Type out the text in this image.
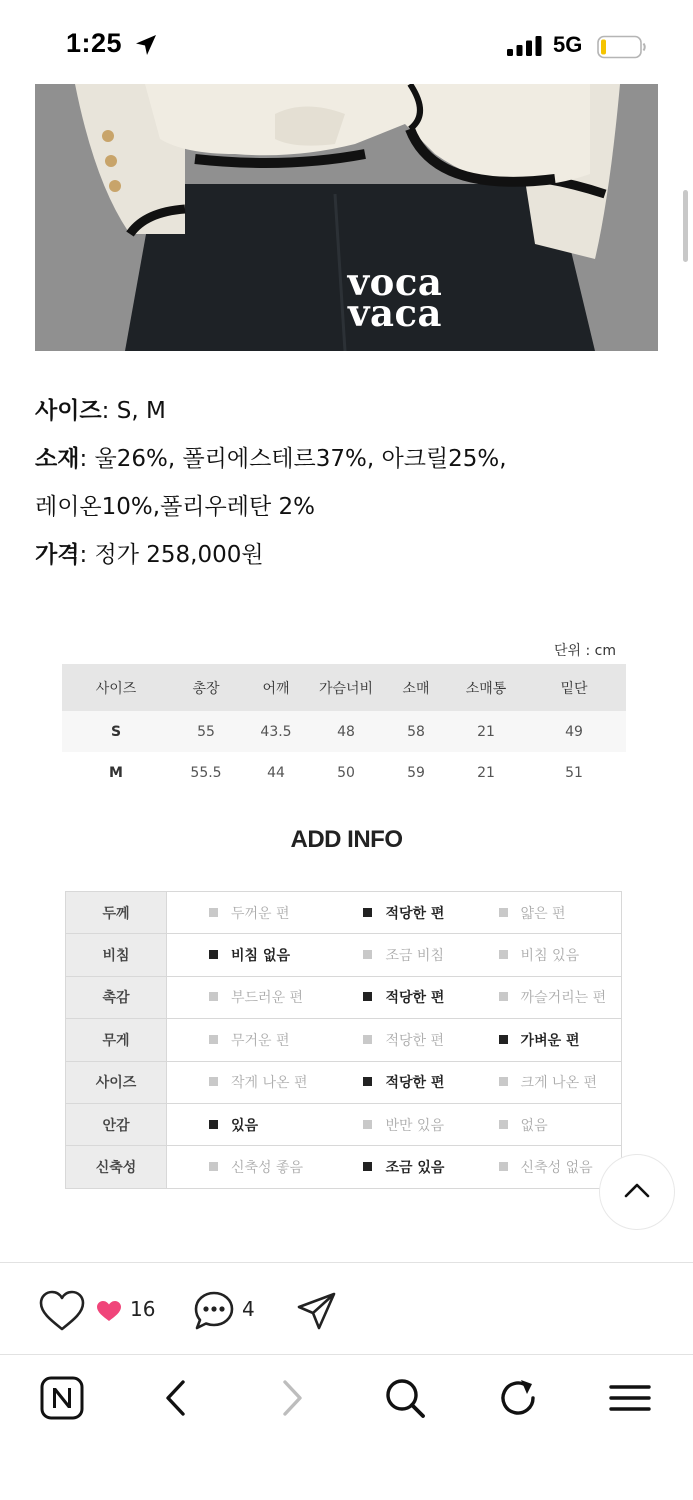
1:25	5G
voca
vaca
사이즈: S, M
소재: 울26%, 폴리에스테르37%, 아크릴25%,
레이온10%,폴리우레탄 2%
가격: 정가 258,000원
단위 : cm
사이즈	총장	어깨	가슴너비	소매	소매통	밑단
S	55	43.5	48	58	21	49
M	55.5	44	50	59	21	51
ADD INFO
두께	두꺼운 편	적당한 편	얇은 편
비침	비침 없음	조금 비침	비침 있음
촉감	부드러운 편	적당한 편	까슬거리는 편
무게	무거운 편	적당한 편	가벼운 편
사이즈	작게 나온 편	적당한 편	크게 나온 편
안감	있음	반만 있음	없음
신축성	신축성 좋음	조금 있음	신축성 없음
16	4
